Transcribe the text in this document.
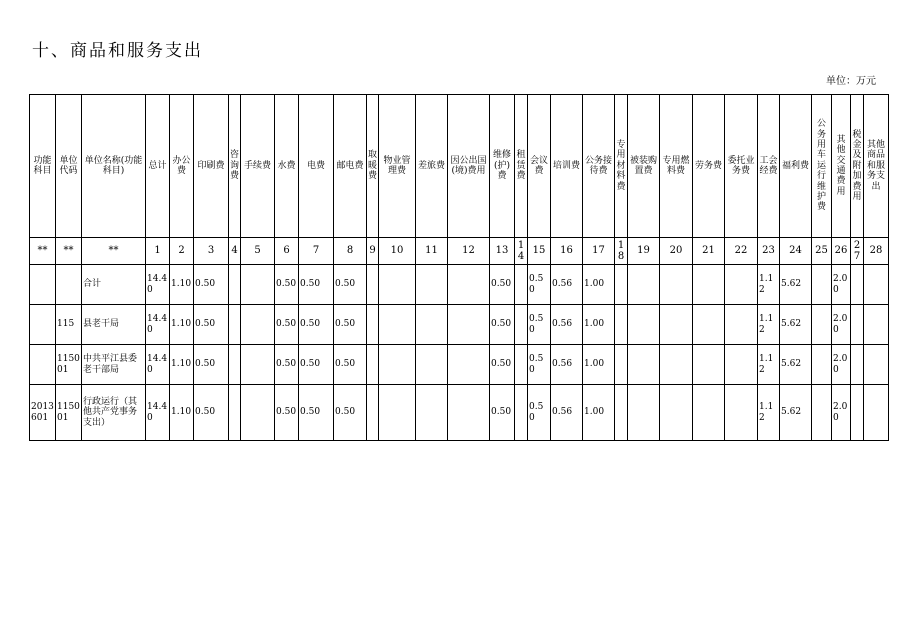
十、商品和服务支出
单位：万元
功能科目	单位代码	单位名称(功能科目)	总计	办公费	印刷费	咨询费	手续费	水费	电费	邮电费	取暖费	物业管理费	差旅费	因公出国(境)费用	维修(护)费	租赁费	会议费	培训费	公务接待费	专用材料费	被装购置费	专用燃料费	劳务费	委托业务费	工会经费	福利费	公务用车运行维护费	其他交通费用	税金及附加费用	其他商品和服务支出
**	**	**	1	2	3	4	5	6	7	8	9	10	11	12	13	14	15	16	17	18	19	20	21	22	23	24	25	26	27	28
		合计	14.40	1.10	0.50			0.50	0.50	0.50					0.50		0.50	0.56	1.00						1.12	5.62		2.00		
	115	县老干局	14.40	1.10	0.50			0.50	0.50	0.50					0.50		0.50	0.56	1.00						1.12	5.62		2.00		
	115001	中共平江县委老干部局	14.40	1.10	0.50			0.50	0.50	0.50					0.50		0.50	0.56	1.00						1.12	5.62		2.00		
2013601	115001	行政运行（其他共产党事务支出）	14.40	1.10	0.50			0.50	0.50	0.50					0.50		0.50	0.56	1.00						1.12	5.62		2.00		
